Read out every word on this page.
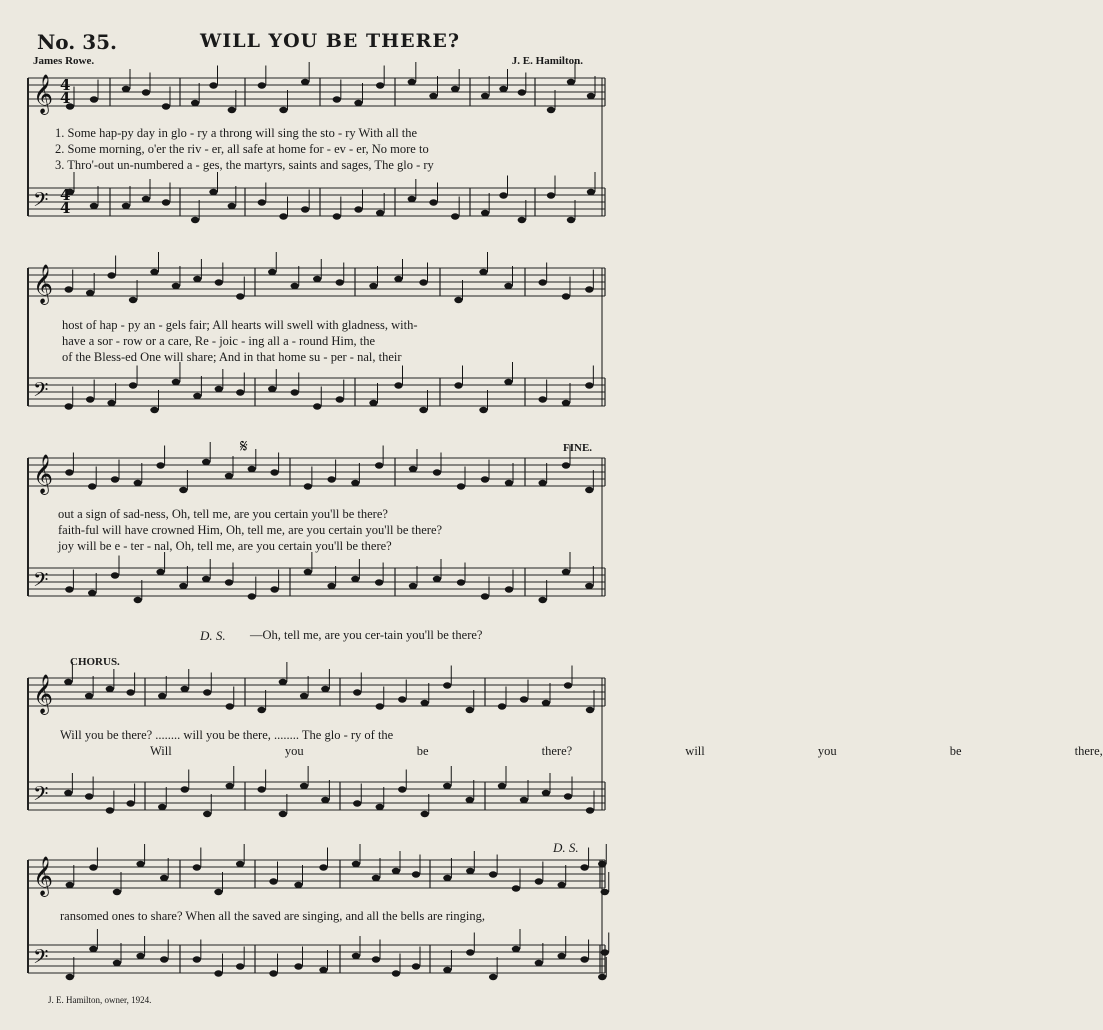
No. 35.	WILL YOU BE THERE?
James Rowe.	J. E. Hamilton.
𝄞
𝄢
𝄞
𝄢
𝄞
𝄢
𝄞
𝄢
𝄞
𝄢
4
4
4
4
𝄋
1. Some hap-py day in glo - ry a throng will sing the sto - ry With all the
2. Some morning, o'er the riv - er, all safe at home for - ev - er, No more to
3. Thro'-out un-numbered a - ges, the martyrs, saints and sages, The glo - ry
host of hap - py an - gels fair; All hearts will swell with gladness, with-
have a sor - row or a care, Re - joic - ing all a - round Him, the
of the Bless-ed One will share; And in that home su - per - nal, their
FINE.
out a sign of sad-ness, Oh, tell me, are you certain you'll be there?
faith-ful will have crowned Him, Oh, tell me, are you certain you'll be there?
joy will be e - ter - nal, Oh, tell me, are you certain you'll be there?
D. S. —Oh, tell me, are you cer-tain you'll be there?
CHORUS.
Will you be there? ........ will you be there, ........ The glo - ry of the
Will you be there? will you be there,
D. S.
ransomed ones to share? When all the saved are singing, and all the bells are ringing,
J. E. Hamilton, owner, 1924.
